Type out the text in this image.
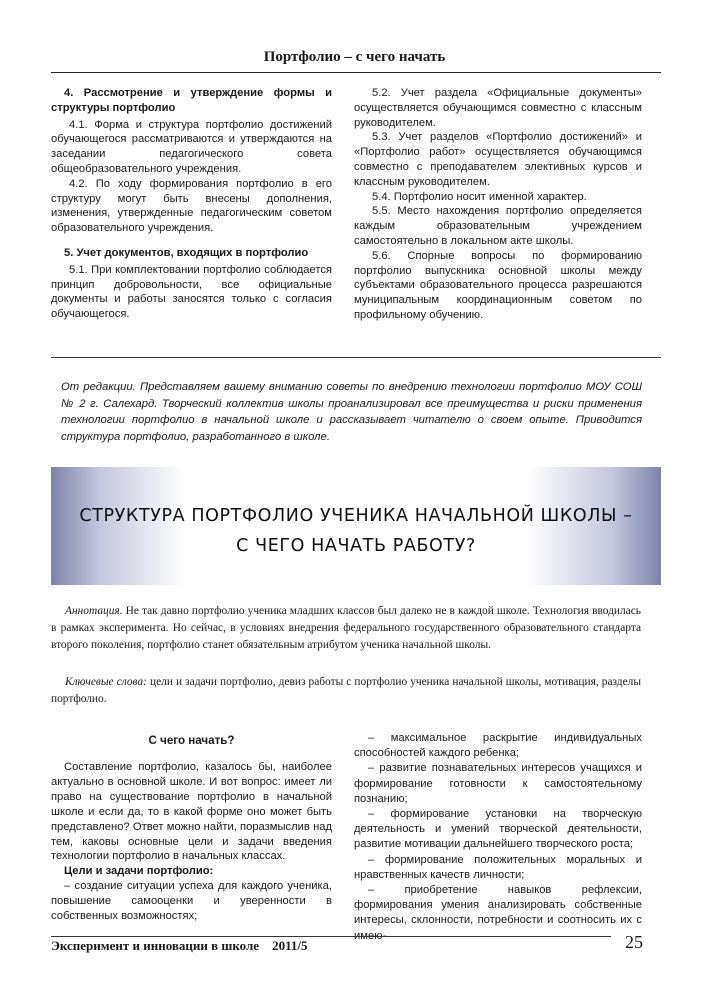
Портфолио – с чего начать
4. Рассмотрение и утверждение формы и структуры портфолио

4.1. Форма и структура портфолио достижений обучающегося рассматриваются и утверждаются на заседании педагогического совета общеобразовательного учреждения.

4.2. По ходу формирования портфолио в его структуру могут быть внесены дополнения, изменения, утвержденные педагогическим советом образовательного учреждения.

5. Учет документов, входящих в портфолио

5.1. При комплектовании портфолио соблюдается принцип добровольности, все официальные документы и работы заносятся только с согласия обучающегося.

5.2. Учет раздела «Официальные документы» осуществляется обучающимся совместно с классным руководителем.

5.3. Учет разделов «Портфолио достижений» и «Портфолио работ» осуществляется обучающимся совместно с преподавателем элективных курсов и классным руководителем.

5.4. Портфолио носит именной характер.

5.5. Место нахождения портфолио определяется каждым образовательным учреждением самостоятельно в локальном акте школы.

5.6. Спорные вопросы по формированию портфолио выпускника основной школы между субъектами образовательного процесса разрешаются муниципальным координационным советом по профильному обучению.

От редакции. Представляем вашему вниманию советы по внедрению технологии портфолио МОУ СОШ № 2 г. Салехард. Творческий коллектив школы проанализировал все преимущества и риски применения технологии портфолио в начальной школе и рассказывает читателю о своем опыте. Приводится структура портфолио, разработанного в школе.
СТРУКТУРА ПОРТФОЛИО УЧЕНИКА НАЧАЛЬНОЙ ШКОЛЫ –
С ЧЕГО НАЧАТЬ РАБОТУ?

Аннотация. Не так давно портфолио ученика младших классов был далеко не в каждой школе. Технология вводилась в рамках эксперимента. Но сейчас, в условиях внедрения федерального государственного образовательного стандарта второго поколения, портфолио станет обязательным атрибутом ученика начальной школы.

Ключевые слова: цели и задачи портфолио, девиз работы с портфолио ученика начальной школы, мотивация, разделы портфолио.

С чего начать?

Составление портфолио, казалось бы, наиболее актуально в основной школе. И вот вопрос: имеет ли право на существование портфолио в начальной школе и если да, то в какой форме оно может быть представлено? Ответ можно найти, поразмыслив над тем, каковы основные цели и задачи введения технологии портфолио в начальных классах.

Цели и задачи портфолио:

– создание ситуации успеха для каждого ученика, повышение самооценки и уверенности в собственных возможностях;

– максимальное раскрытие индивидуальных способностей каждого ребенка;

– развитие познавательных интересов учащихся и формирование готовности к самостоятельному познанию;

– формирование установки на творческую деятельность и умений творческой деятельности, развитие мотивации дальнейшего творческого роста;

– формирование положительных моральных и нравственных качеств личности;

– приобретение навыков рефлексии, формирования умения анализировать собственные интересы, склонности, потребности и соотносить их с имею-

Эксперимент и инновации в школе 2011/5	25
